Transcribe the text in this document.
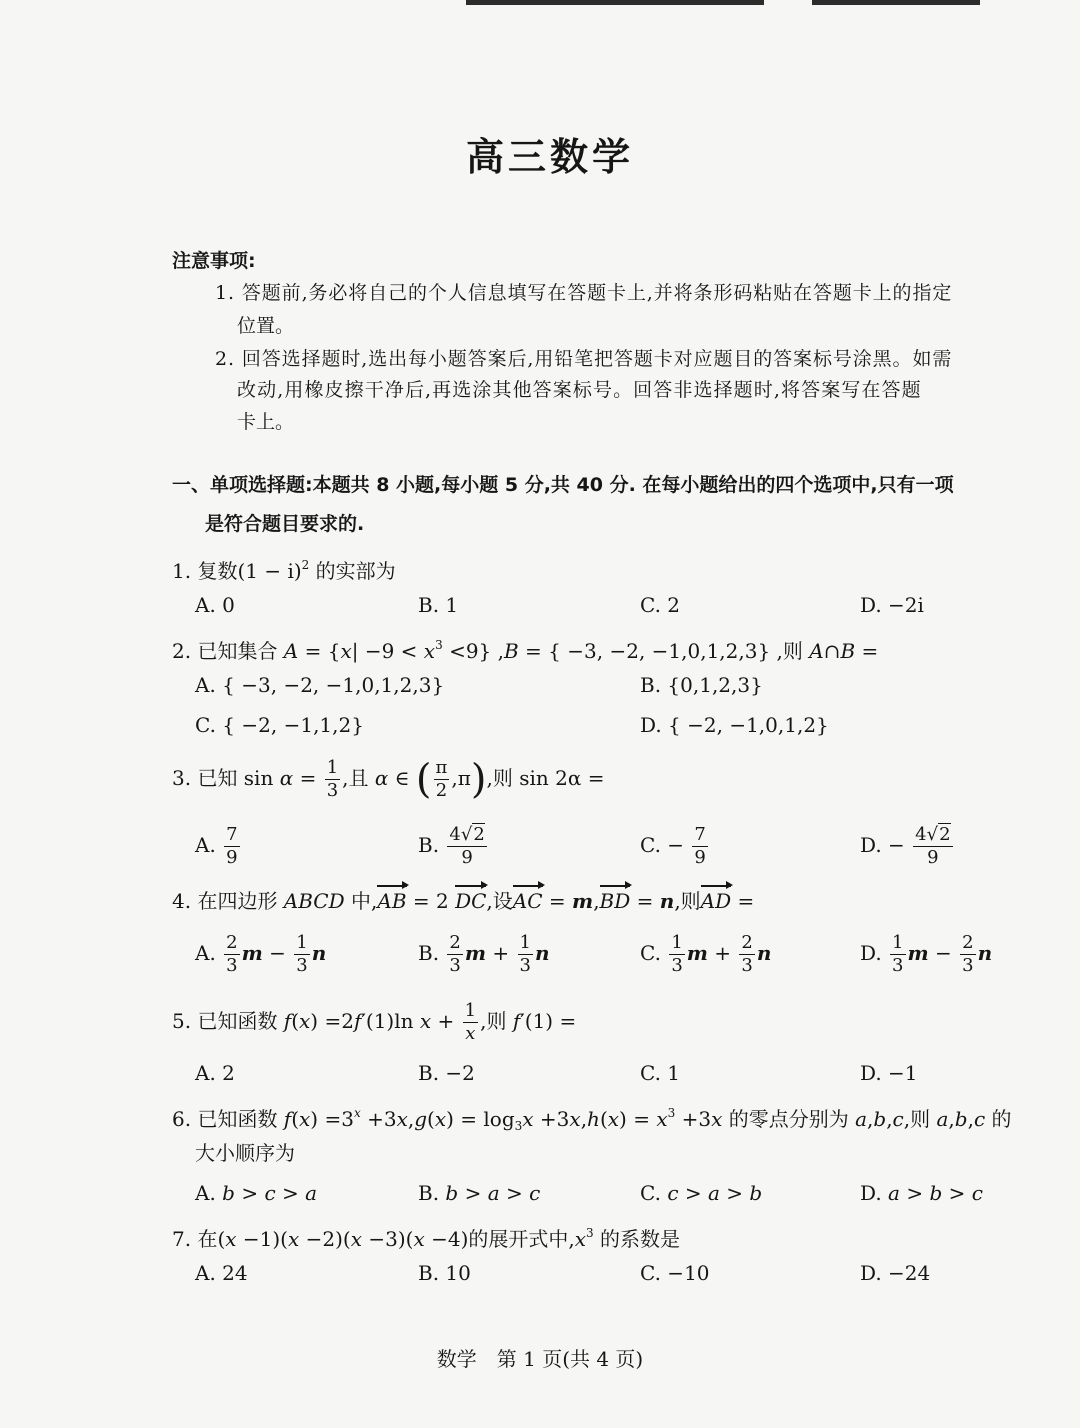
高三数学
注意事项:
1. 答题前,务必将自己的个人信息填写在答题卡上,并将条形码粘贴在答题卡上的指定
位置。
2. 回答选择题时,选出每小题答案后,用铅笔把答题卡对应题目的答案标号涂黑。如需
改动,用橡皮擦干净后,再选涂其他答案标号。回答非选择题时,将答案写在答题
卡上。
一、单项选择题:本题共 8 小题,每小题 5 分,共 40 分. 在每小题给出的四个选项中,只有一项
是符合题目要求的.
1. 复数$(1 - i)^2$ 的实部为
A. 0	B. 1	C. 2	D. −2i
2. 已知集合 $A = \{x| -9 < x^3 <9\}$ ,B = { −3, −2, −1,0,1,2,3} ,则 A∩B =
A. { −3, −2, −1,0,1,2,3}	B. {0,1,2,3}
C. { −2, −1,1,2}	D. { −2, −1,0,1,2}
3. 已知 $\sin \alpha = \frac{1}{3}$ ,且 α ∈ ( $\frac{\pi}{2} ,\pi$),则 sin 2α =
A. $\frac{7}{9}$	B. $\frac{4√2}{9}$	C. − $\frac{7}{9}$	D. − $\frac{4√2}{9}$
4. 在四边形 ABCD 中,AB = 2 DC,设AC = m,BD = n,则AD =
A. $\frac{2}{3}$ $m - \frac{1}{3}$ n	B. $\frac{2}{3}$ $m + \frac{1}{3}$ n	C. $\frac{1}{3}$ $m + \frac{2}{3}$ n	D. $\frac{1}{3}$ $m - \frac{2}{3}$ n
5. 已知函数 f(x) =2f′(1)ln $x + \frac{1}{x}$ ,则 f′(1) =
A. 2	B. −2	C. 1	D. −1
6. 已知函数 $f(x) =3^x +3x,g(x) = \log_3x +3x,h(x) = x^3 +3x$ 的零点分别为 a,b,c,则 a,b,c 的
大小顺序为
A. b > c > a	B. b > a > c	C. c > a > b	D. a > b > c
7. 在(x −1)(x −2)(x −3)(x −4)的展开式中$,x^3$ 的系数是
A. 24	B. 10	C. −10	D. −24
数学　第 1 页(共 4 页)
